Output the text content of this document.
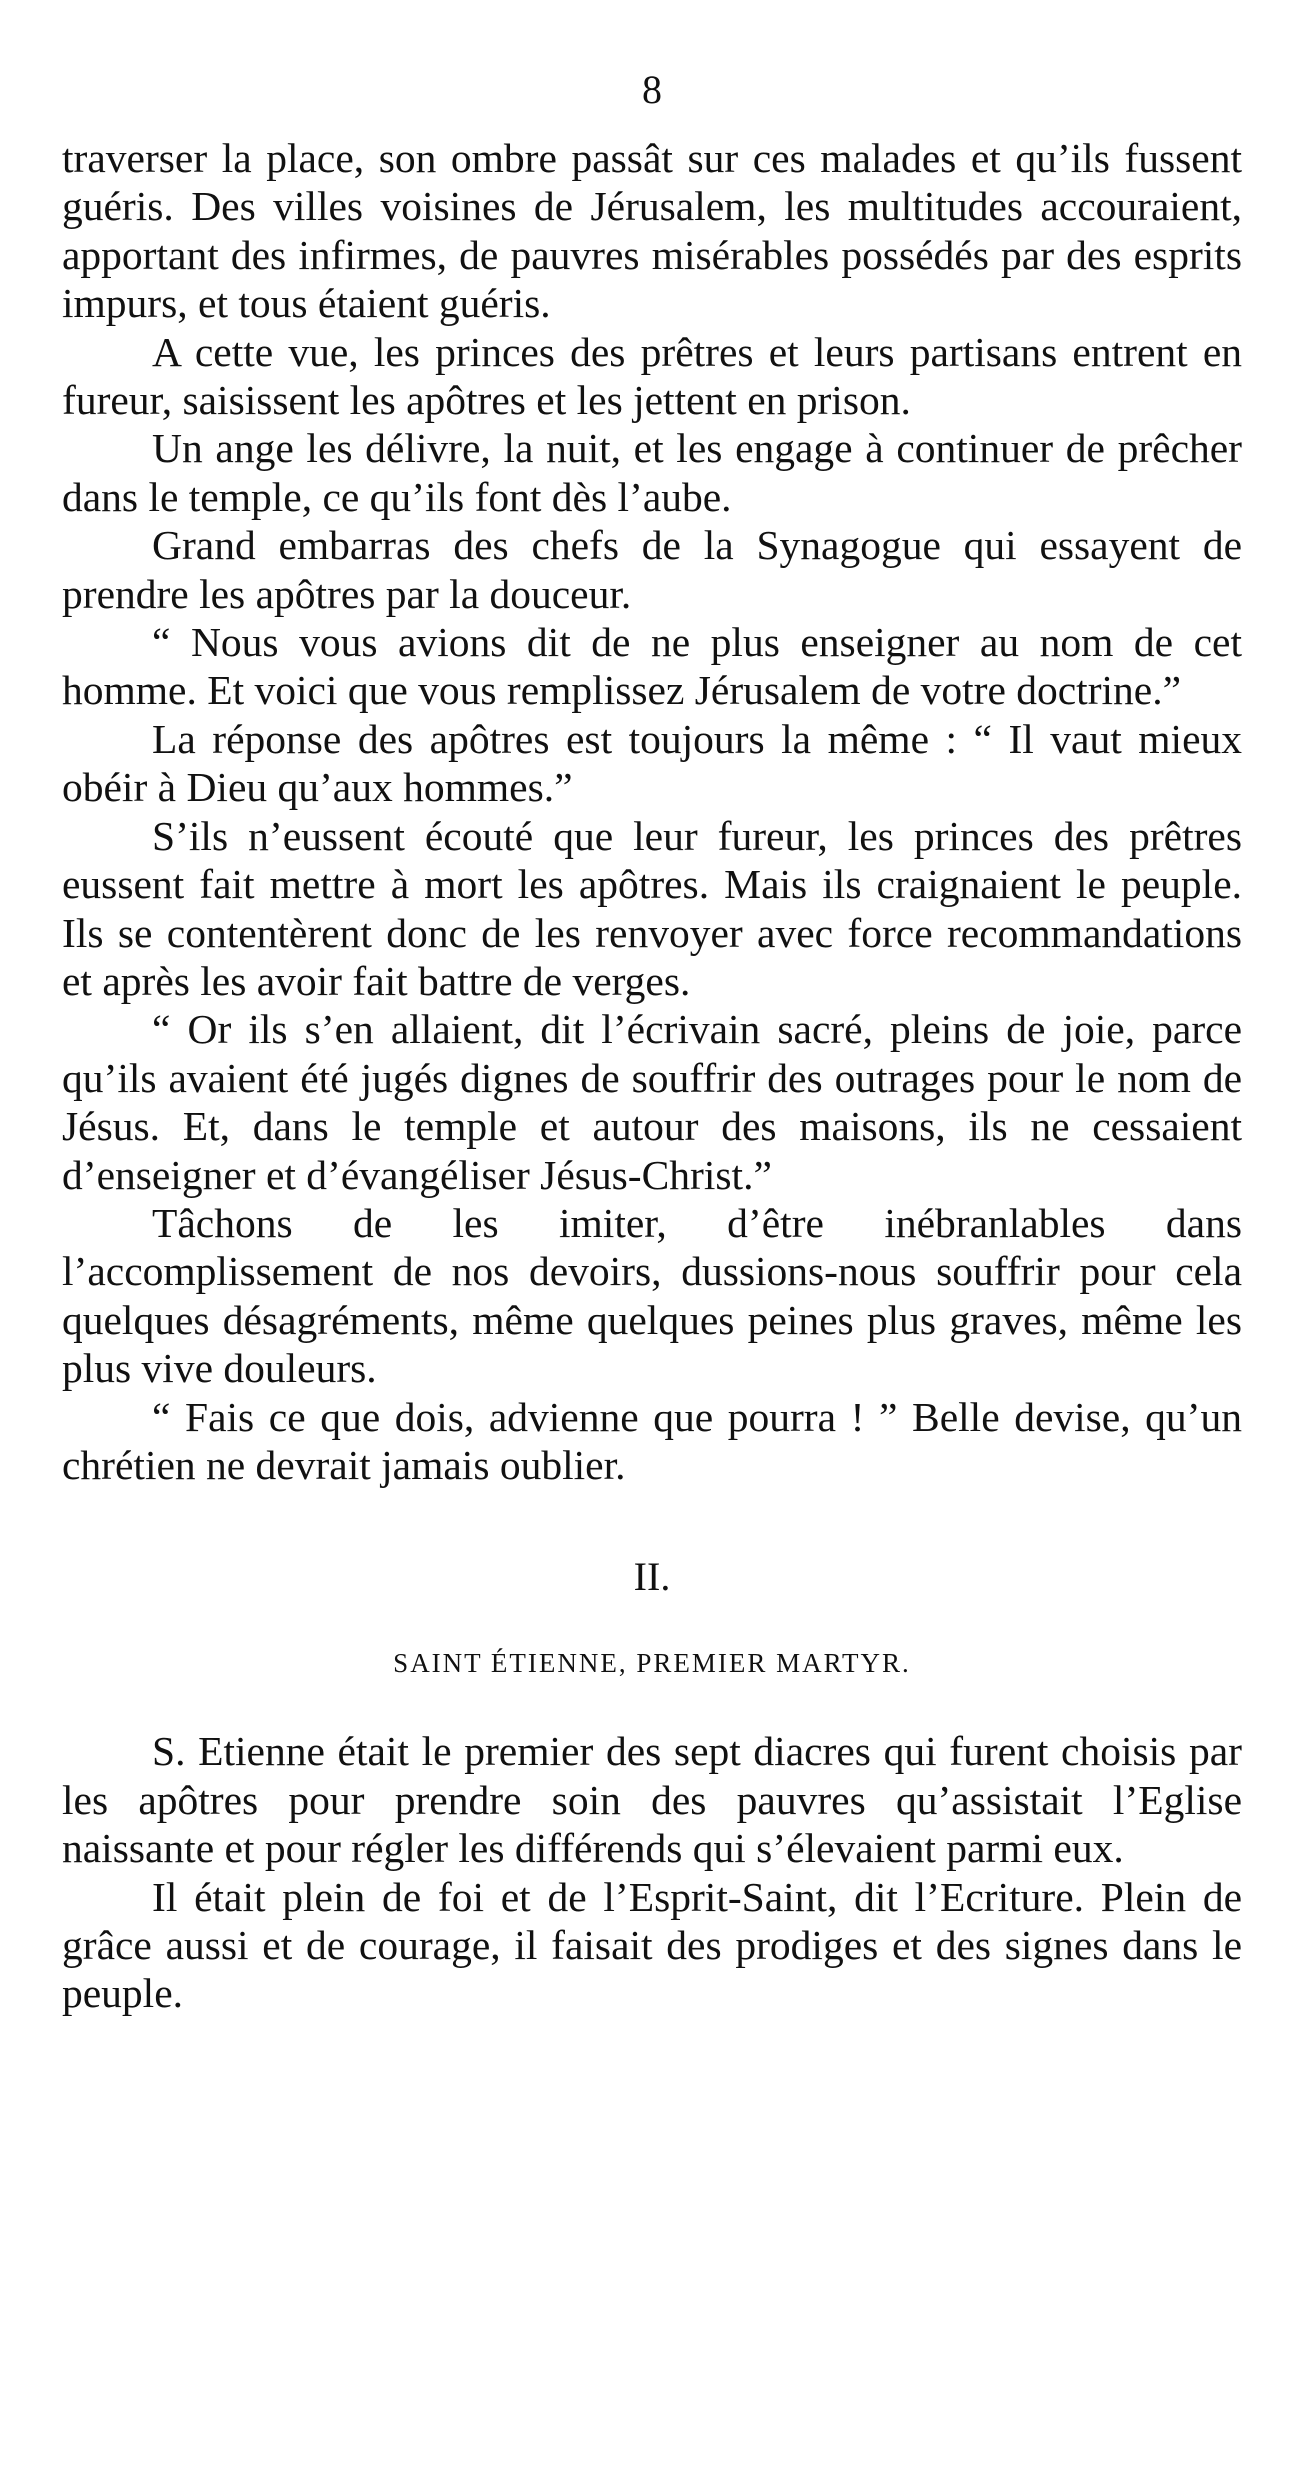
8

traverser la place, son ombre passât sur ces malades et qu’ils fussent guéris. Des villes voisines de Jérusalem, les multitudes accouraient, apportant des infirmes, de pauvres misérables possédés par des esprits impurs, et tous étaient guéris.

A cette vue, les princes des prêtres et leurs partisans entrent en fureur, saisissent les apôtres et les jettent en prison.

Un ange les délivre, la nuit, et les engage à continuer de prêcher dans le temple, ce qu’ils font dès l’aube.

Grand embarras des chefs de la Synagogue qui essayent de prendre les apôtres par la douceur.

“ Nous vous avions dit de ne plus enseigner au nom de cet homme. Et voici que vous remplissez Jérusalem de votre doctrine.”

La réponse des apôtres est toujours la même : “ Il vaut mieux obéir à Dieu qu’aux hommes.”

S’ils n’eussent écouté que leur fureur, les princes des prêtres eussent fait mettre à mort les apôtres. Mais ils craignaient le peuple. Ils se contentèrent donc de les renvoyer avec force recommandations et après les avoir fait battre de verges.

“ Or ils s’en allaient, dit l’écrivain sacré, pleins de joie, parce qu’ils avaient été jugés dignes de souffrir des outrages pour le nom de Jésus. Et, dans le temple et autour des maisons, ils ne cessaient d’enseigner et d’évangéliser Jésus-Christ.”

Tâchons de les imiter, d’être inébranlables dans l’accomplissement de nos devoirs, dussions-nous souffrir pour cela quelques désagréments, même quelques peines plus graves, même les plus vive douleurs.

“ Fais ce que dois, advienne que pourra ! ” Belle devise, qu’un chrétien ne devrait jamais oublier.

II.
SAINT ÉTIENNE, PREMIER MARTYR.

S. Etienne était le premier des sept diacres qui furent choisis par les apôtres pour prendre soin des pauvres qu’assistait l’Eglise naissante et pour régler les différends qui s’élevaient parmi eux.

Il était plein de foi et de l’Esprit-Saint, dit l’Ecriture. Plein de grâce aussi et de courage, il faisait des prodiges et des signes dans le peuple.
